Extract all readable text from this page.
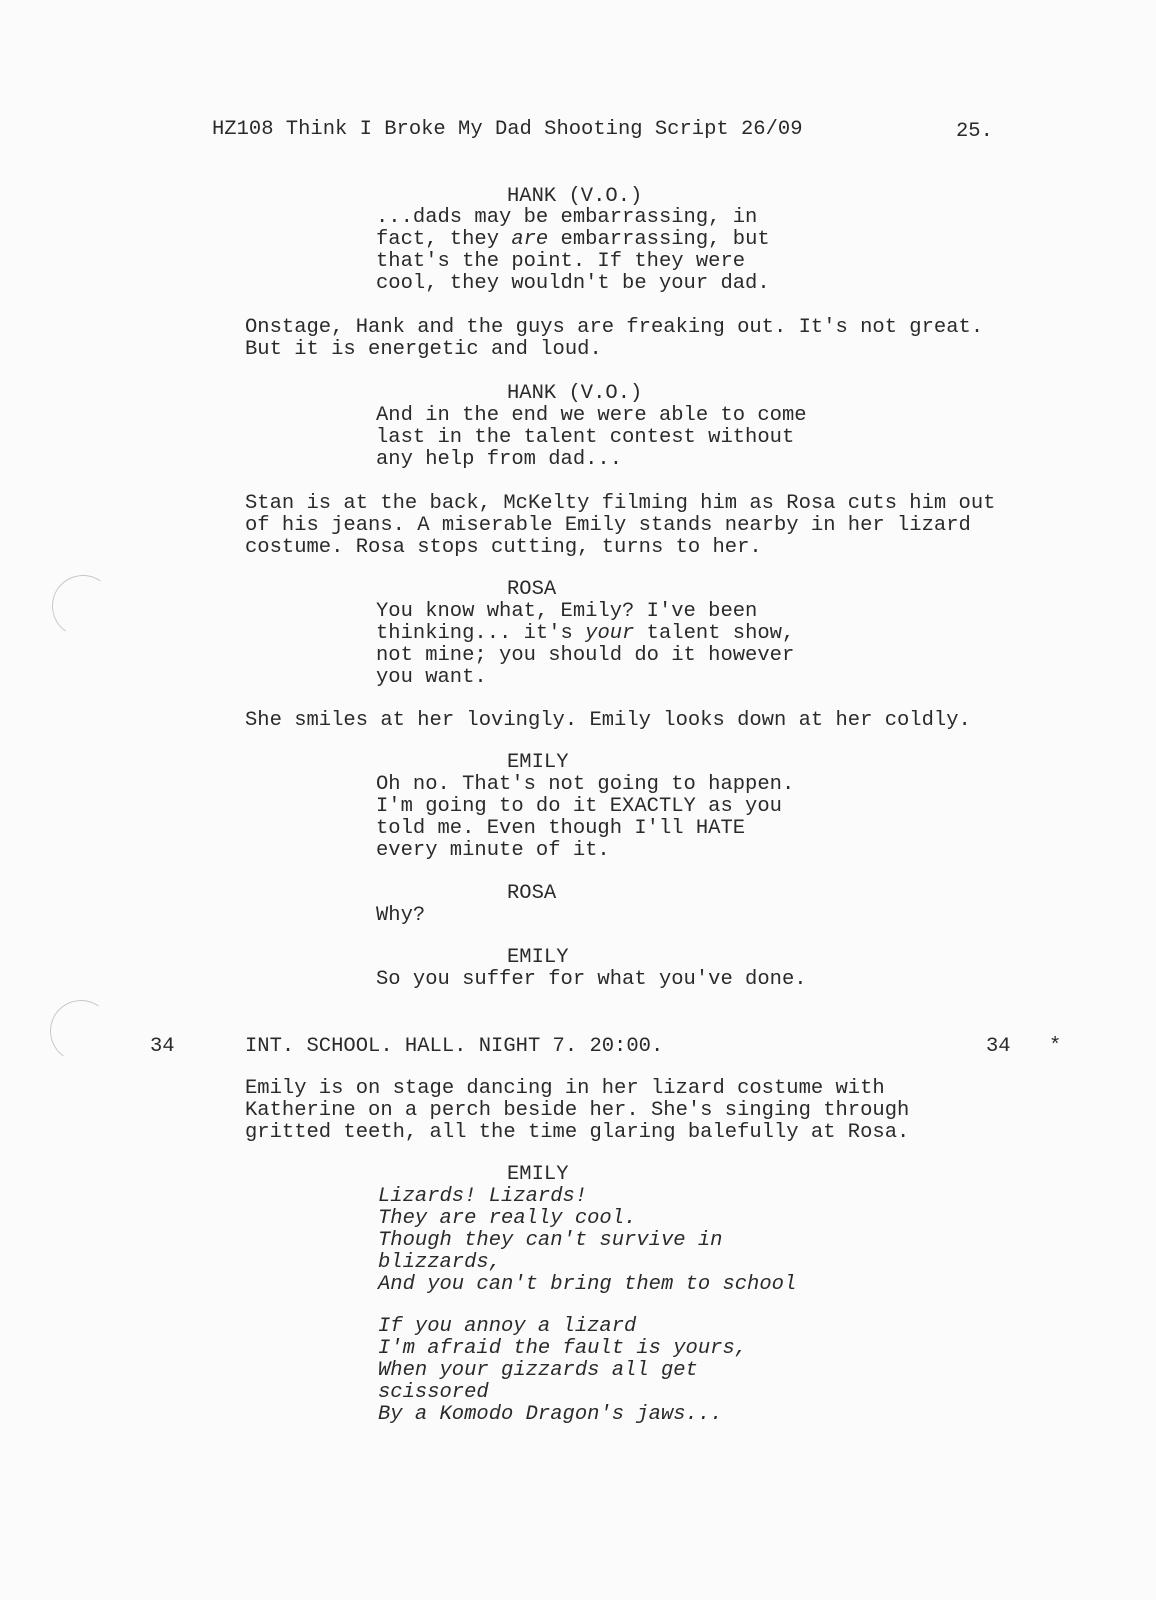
HZ108 Think I Broke My Dad Shooting Script 26/09	25.

HANK (V.O.)

...dads may be embarrassing, in

fact, they are embarrassing, but

that's the point. If they were

cool, they wouldn't be your dad.

Onstage, Hank and the guys are freaking out. It's not great.

But it is energetic and loud.

HANK (V.O.)

And in the end we were able to come

last in the talent contest without

any help from dad...

Stan is at the back, McKelty filming him as Rosa cuts him out

of his jeans. A miserable Emily stands nearby in her lizard

costume. Rosa stops cutting, turns to her.

ROSA

You know what, Emily? I've been

thinking... it's your talent show,

not mine; you should do it however

you want.

She smiles at her lovingly. Emily looks down at her coldly.

EMILY

Oh no. That's not going to happen.

I'm going to do it EXACTLY as you

told me. Even though I'll HATE

every minute of it.

ROSA

Why?

EMILY

So you suffer for what you've done.

34	INT. SCHOOL. HALL. NIGHT 7. 20:00.	34 *

Emily is on stage dancing in her lizard costume with

Katherine on a perch beside her. She's singing through

gritted teeth, all the time glaring balefully at Rosa.

EMILY

Lizards! Lizards!

They are really cool.

Though they can't survive in

blizzards,

And you can't bring them to school

If you annoy a lizard

I'm afraid the fault is yours,

When your gizzards all get

scissored

By a Komodo Dragon's jaws...
